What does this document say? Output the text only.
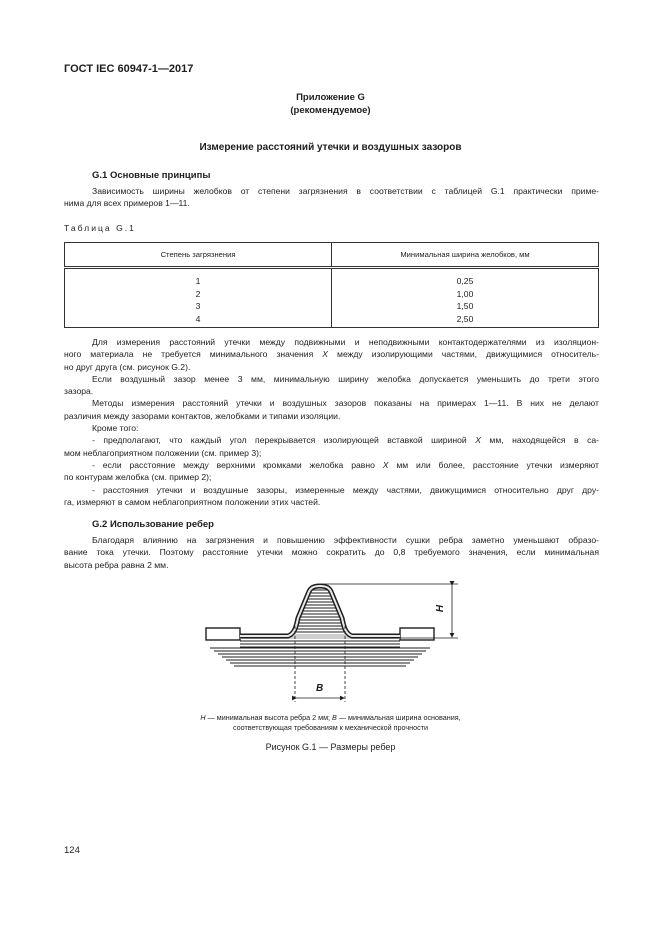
ГОСТ IEC 60947-1—2017
Приложение G
(рекомендуемое)
Измерение расстояний утечки и воздушных зазоров
G.1 Основные принципы
Зависимость ширины желобков от степени загрязнения в соответствии с таблицей G.1 практически приме-
нима для всех примеров 1—11.
Таблица G.1
Степень загрязнения	Минимальная ширина желобков, мм
1	0,25
2	1,00
3	1,50
4	2,50
Для измерения расстояний утечки между подвижными и неподвижными контактодержателями из изоляцион-
ного материала не требуется минимального значения X между изолирующими частями, движущимися относитель-
но друг друга (см. рисунок G.2).
Если воздушный зазор менее 3 мм, минимальную ширину желобка допускается уменьшить до трети этого
зазора.
Методы измерения расстояний утечки и воздушных зазоров показаны на примерах 1—11. В них не делают
различия между зазорами контактов, желобками и типами изоляции.
Кроме того:
- предполагают, что каждый угол перекрывается изолирующей вставкой шириной X мм, находящейся в са-
мом неблагоприятном положении (см. пример 3);
- если расстояние между верхними кромками желобка равно X мм или более, расстояние утечки измеряют
по контурам желобка (см. пример 2);
- расстояния утечки и воздушные зазоры, измеренные между частями, движущимися относительно друг дру-
га, измеряют в самом неблагоприятном положении этих частей.
G.2 Использование ребер
Благодаря влиянию на загрязнения и повышению эффективности сушки ребра заметно уменьшают образо-
вание тока утечки. Поэтому расстояние утечки можно сократить до 0,8 требуемого значения, если минимальная
высота ребра равна 2 мм.
H
B
H — минимальная высота ребра 2 мм; B — минимальная ширина основания,
соответствующая требованиям к механической прочности
Рисунок G.1 — Размеры ребер
124
